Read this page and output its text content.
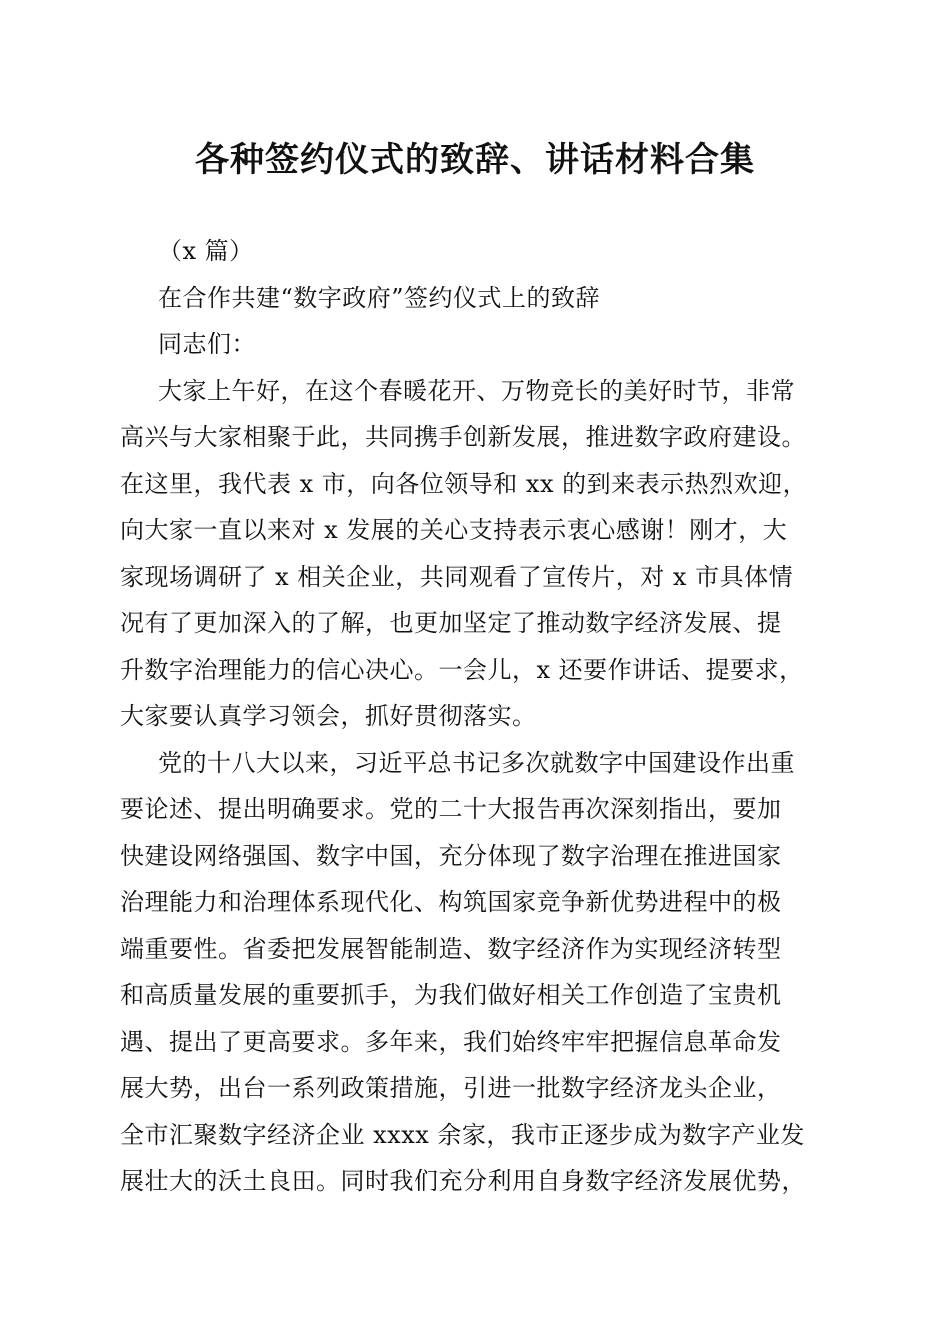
各种签约仪式的致辞、讲话材料合集
（x 篇）
在合作共建“数字政府”签约仪式上的致辞
同志们：
大家上午好，在这个春暖花开、万物竞长的美好时节，非常
高兴与大家相聚于此，共同携手创新发展，推进数字政府建设。
在这里，我代表 x 市，向各位领导和 xx 的到来表示热烈欢迎，
向大家一直以来对 x 发展的关心支持表示衷心感谢！刚才，大
家现场调研了 x 相关企业，共同观看了宣传片，对 x 市具体情
况有了更加深入的了解，也更加坚定了推动数字经济发展、提
升数字治理能力的信心决心。一会儿，x 还要作讲话、提要求，
大家要认真学习领会，抓好贯彻落实。
党的十八大以来，习近平总书记多次就数字中国建设作出重
要论述、提出明确要求。党的二十大报告再次深刻指出，要加
快建设网络强国、数字中国，充分体现了数字治理在推进国家
治理能力和治理体系现代化、构筑国家竞争新优势进程中的极
端重要性。省委把发展智能制造、数字经济作为实现经济转型
和高质量发展的重要抓手，为我们做好相关工作创造了宝贵机
遇、提出了更高要求。多年来，我们始终牢牢把握信息革命发
展大势，出台一系列政策措施，引进一批数字经济龙头企业，
全市汇聚数字经济企业 xxxx 余家，我市正逐步成为数字产业发
展壮大的沃土良田。同时我们充分利用自身数字经济发展优势，
